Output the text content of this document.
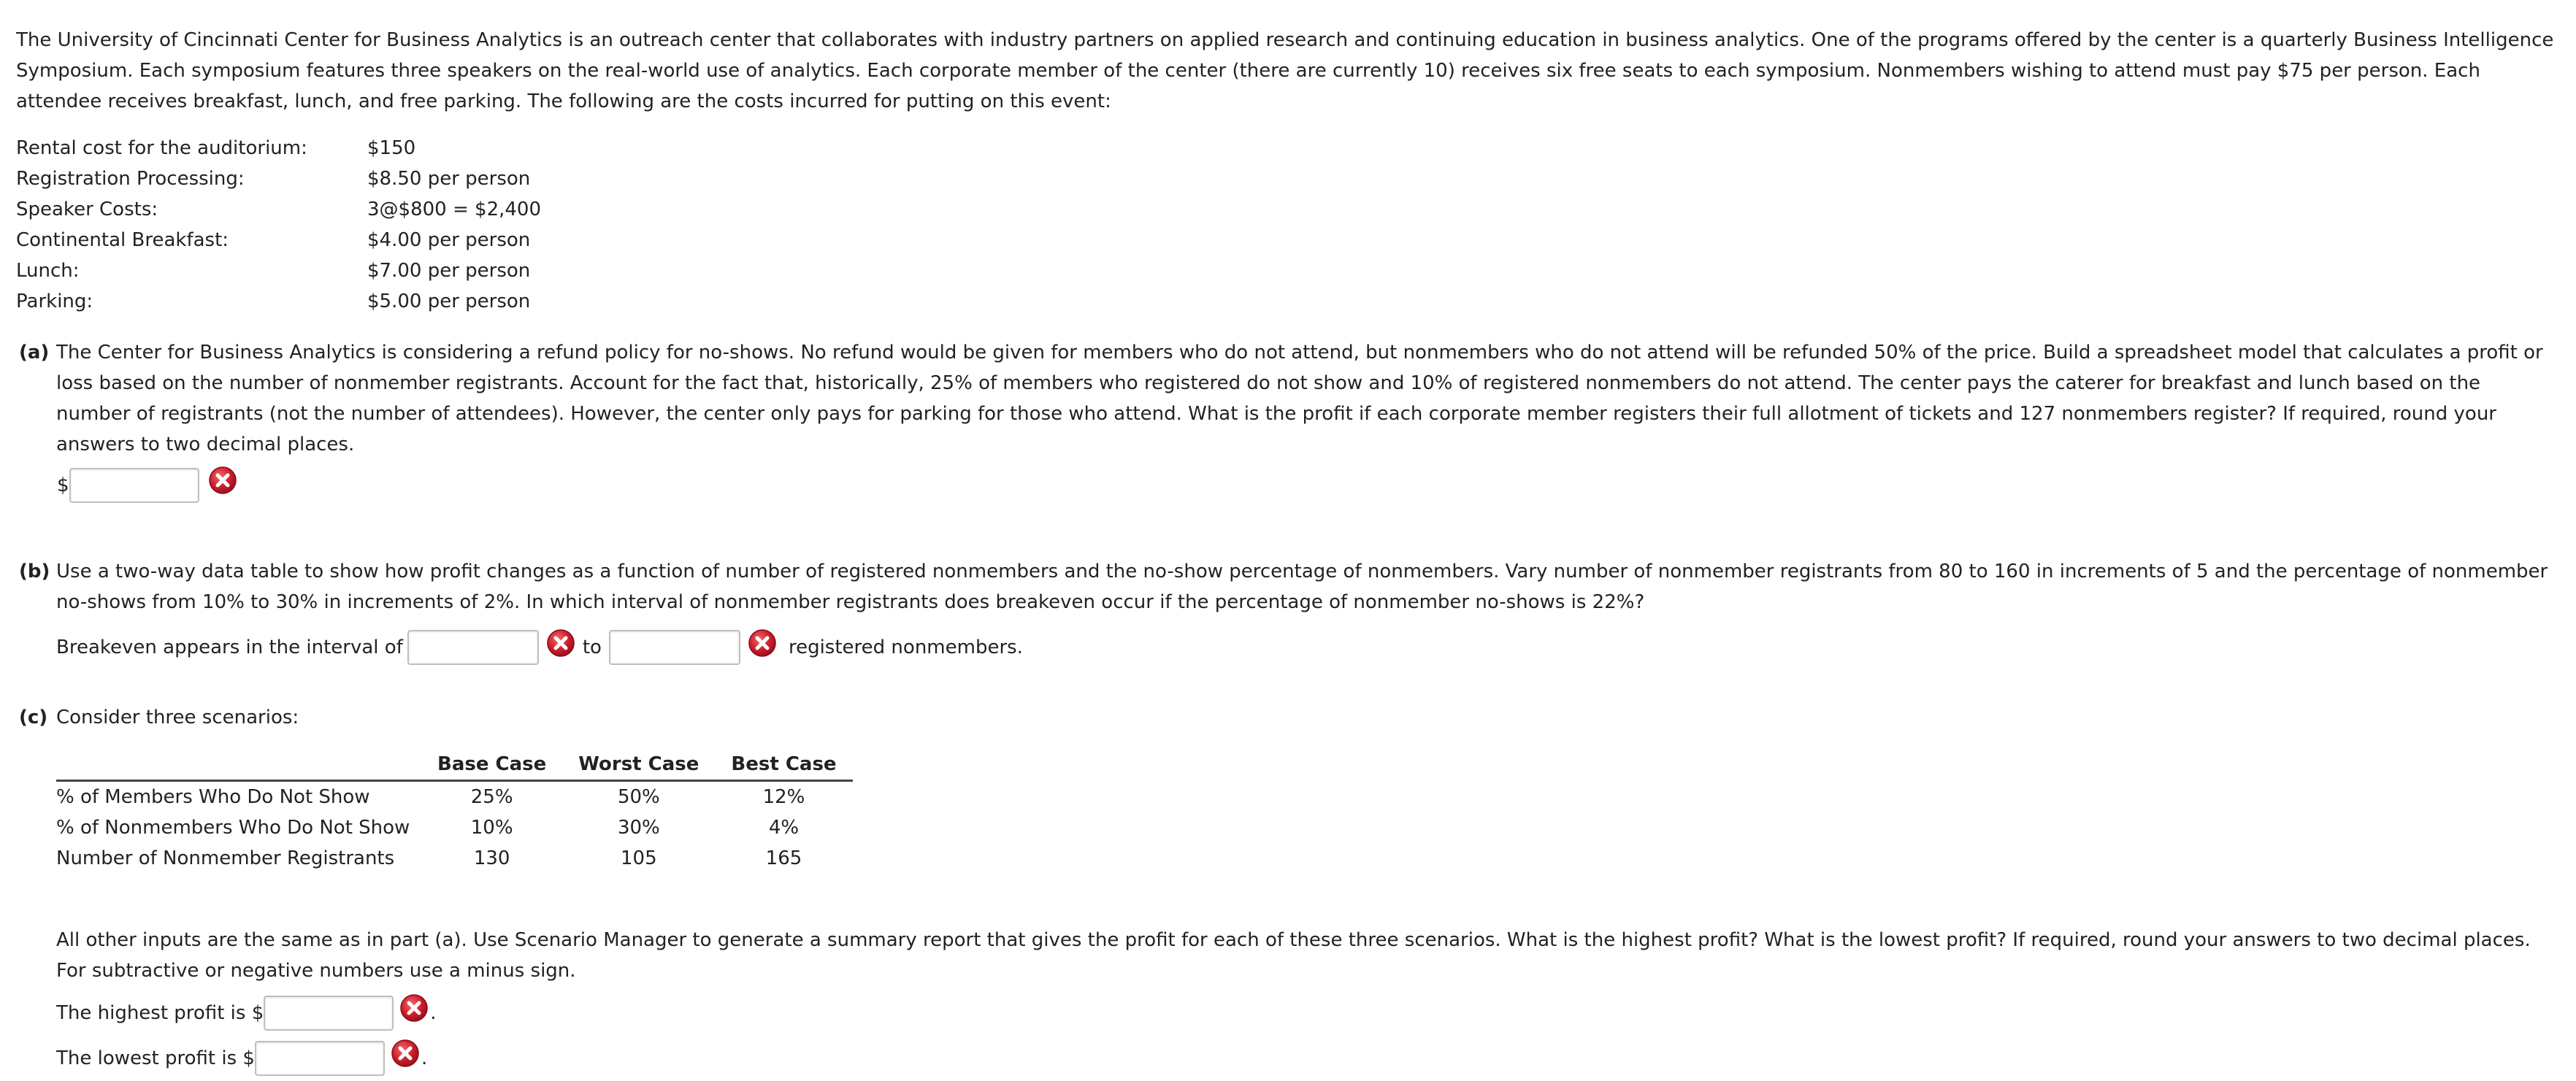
The University of Cincinnati Center for Business Analytics is an outreach center that collaborates with industry partners on applied research and continuing education in business analytics. One of the programs offered by the center is a quarterly Business Intelligence Symposium. Each symposium features three speakers on the real-world use of analytics. Each corporate member of the center (there are currently 10) receives six free seats to each symposium. Nonmembers wishing to attend must pay $75 per person. Each attendee receives breakfast, lunch, and free parking. The following are the costs incurred for putting on this event:

Rental cost for the auditorium:	$150
Registration Processing:	$8.50 per person
Speaker Costs:	3@$800 = $2,400
Continental Breakfast:	$4.00 per person
Lunch:	$7.00 per person
Parking:	$5.00 per person
(a) The Center for Business Analytics is considering a refund policy for no-shows. No refund would be given for members who do not attend, but nonmembers who do not attend will be refunded 50% of the price. Build a spreadsheet model that calculates a profit or loss based on the number of nonmember registrants. Account for the fact that, historically, 25% of members who registered do not show and 10% of registered nonmembers do not attend. The center pays the caterer for breakfast and lunch based on the number of registrants (not the number of attendees). However, the center only pays for parking for those who attend. What is the profit if each corporate member registers their full allotment of tickets and 127 nonmembers register? If required, round your answers to two decimal places.

$
(b) Use a two-way data table to show how profit changes as a function of number of registered nonmembers and the no-show percentage of nonmembers. Vary number of nonmember registrants from 80 to 160 in increments of 5 and the percentage of nonmember no-shows from 10% to 30% in increments of 2%. In which interval of nonmember registrants does breakeven occur if the percentage of nonmember no-shows is 22%?

Breakeven appears in the interval of	to	registered nonmembers.
(c) Consider three scenarios:

	Base Case	Worst Case	Best Case
% of Members Who Do Not Show	25%	50%	12%
% of Nonmembers Who Do Not Show	10%	30%	4%
Number of Nonmember Registrants	130	105	165

All other inputs are the same as in part (a). Use Scenario Manager to generate a summary report that gives the profit for each of these three scenarios. What is the highest profit? What is the lowest profit? If required, round your answers to two decimal places. For subtractive or negative numbers use a minus sign.

The highest profit is $	.
The lowest profit is $	.
